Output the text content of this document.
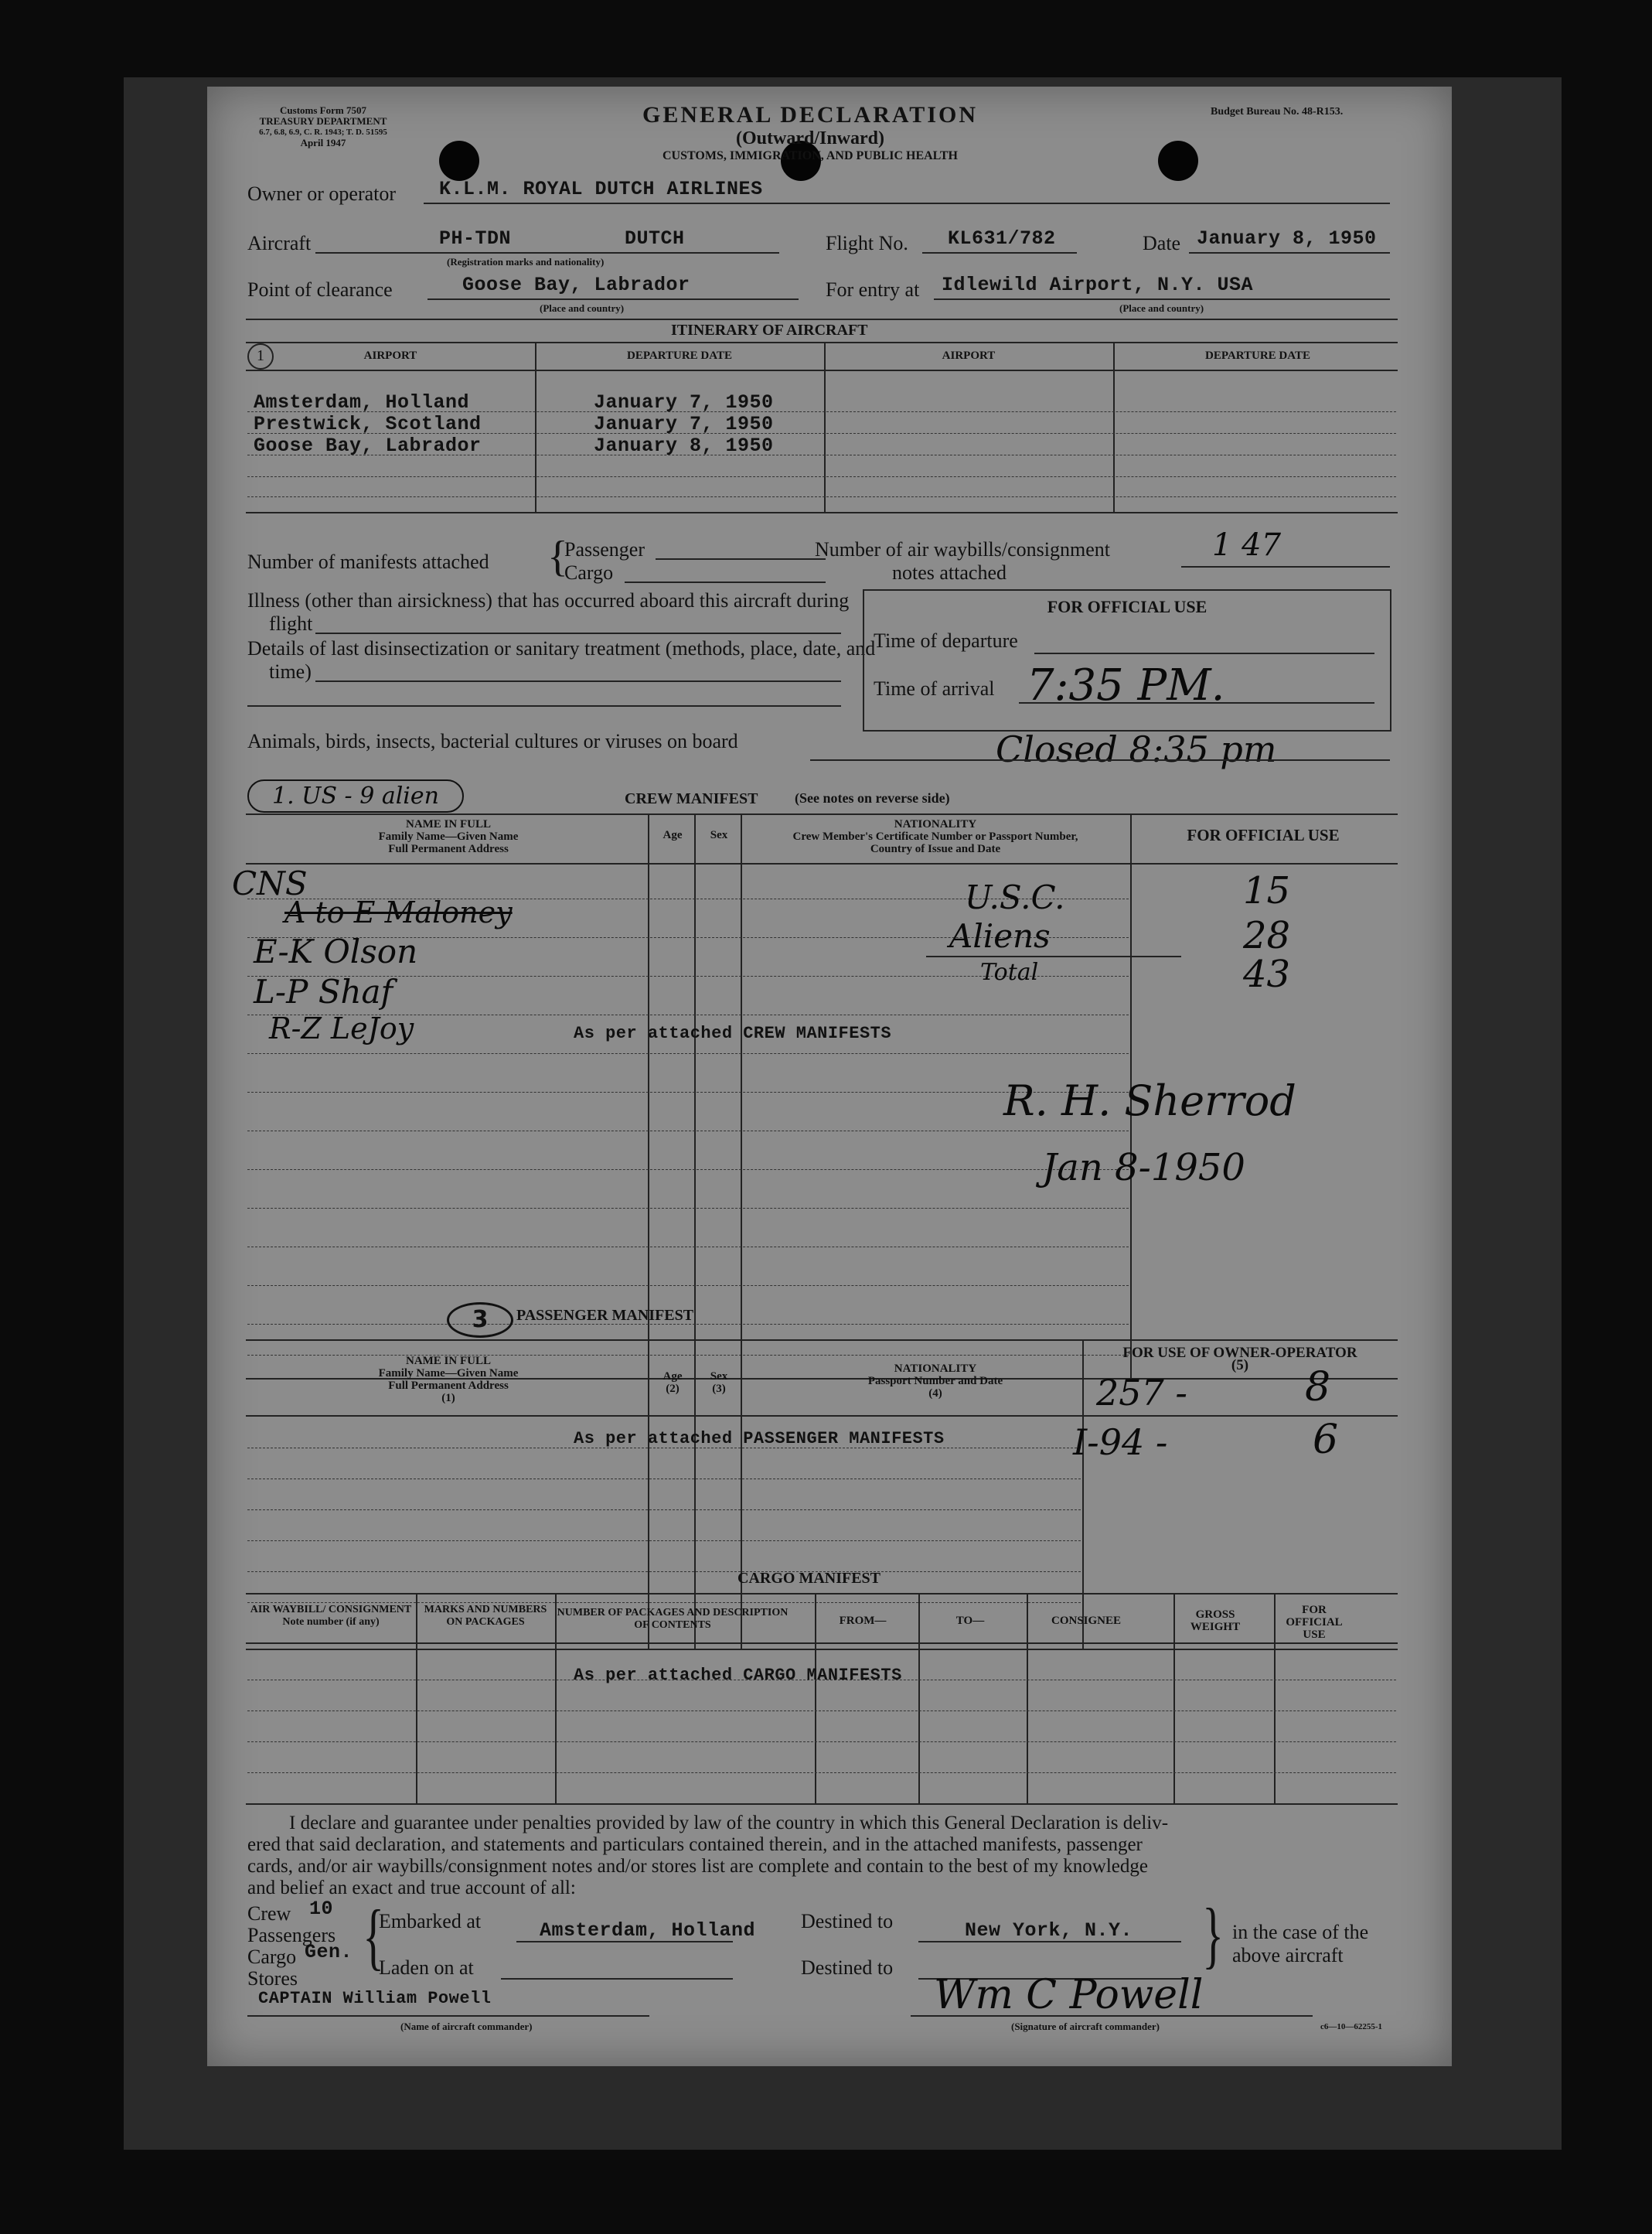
Customs Form 7507
TREASURY DEPARTMENT
6.7, 6.8, 6.9, C. R. 1943; T. D. 51595
April 1947
GENERAL DECLARATION
(Outward/Inward)
CUSTOMS, IMMIGRATION, AND PUBLIC HEALTH
Budget Bureau No. 48-R153.
Owner or operator K.L.M. ROYAL DUTCH AIRLINES
Aircraft	PH-TDN	DUTCH
(Registration marks and nationality)
Flight No. KL631/782	Date January 8, 1950
Point of clearance	Goose Bay, Labrador
(Place and country)
For entry at Idlewild Airport, N.Y. USA
(Place and country)
ITINERARY OF AIRCRAFT
1	AIRPORT	DEPARTURE DATE	AIRPORT	DEPARTURE DATE
Amsterdam, Holland	January 7, 1950
Prestwick, Scotland	January 7, 1950
Goose Bay, Labrador	January 8, 1950
Number of manifests attached {
Passenger
Cargo
Number of air waybills/consignment
notes attached
1 47
Illness (other than airsickness) that has occurred aboard this aircraft during
flight
Details of last disinsectization or sanitary treatment (methods, place, date, and
time)
FOR OFFICIAL USE
Time of departure
Time of arrival 7:35 PM.
Animals, birds, insects, bacterial cultures or viruses on board	Closed 8:35 pm
1. US - 9 alien	CREW MANIFEST	(See notes on reverse side)
NAME IN FULL
Family Name—Given Name
Full Permanent Address
Age	Sex
NATIONALITY
Crew Member's Certificate Number or Passport Number,
Country of Issue and Date
FOR OFFICIAL USE
CNS
A to E Maloney
E-K Olson
L-P Shaf
R-Z LeJoy	As per attached CREW MANIFESTS
U.S.C.	15
Aliens	28
Total	43
R. H. Sherrod
Jan 8-1950
3	PASSENGER MANIFEST
NAME IN FULL
Family Name—Given Name
Full Permanent Address
(1)
Age
(2)
Sex
(3)
NATIONALITY
Passport Number and Date
(4)
FOR USE OF OWNER-OPERATOR
(5)
As per attached PASSENGER MANIFESTS
257 -	8
I-94 -	6
CARGO MANIFEST
AIR WAYBILL/ CONSIGNMENT Note number (if any)
MARKS AND NUMBERS ON PACKAGES
NUMBER OF PACKAGES AND DESCRIPTION OF CONTENTS	FROM—	TO—	CONSIGNEE	GROSS WEIGHT
FOR OFFICIAL USE
As per attached CARGO MANIFESTS
I declare and guarantee under penalties provided by law of the country in which this General Declaration is deliv-
ered that said declaration, and statements and particulars contained therein, and in the attached manifests, passenger
cards, and/or air waybills/consignment notes and/or stores list are complete and contain to the best of my knowledge
and belief an exact and true account of all:
Crew 10
Passengers
Cargo Gen.
Stores
{
Embarked at	Amsterdam, Holland
Laden on at
Destined to	New York, N.Y.
Destined to	} in the case of the
above aircraft
CAPTAIN William Powell
(Name of aircraft commander)
Wm C Powell
(Signature of aircraft commander)	c6—10—62255-1
